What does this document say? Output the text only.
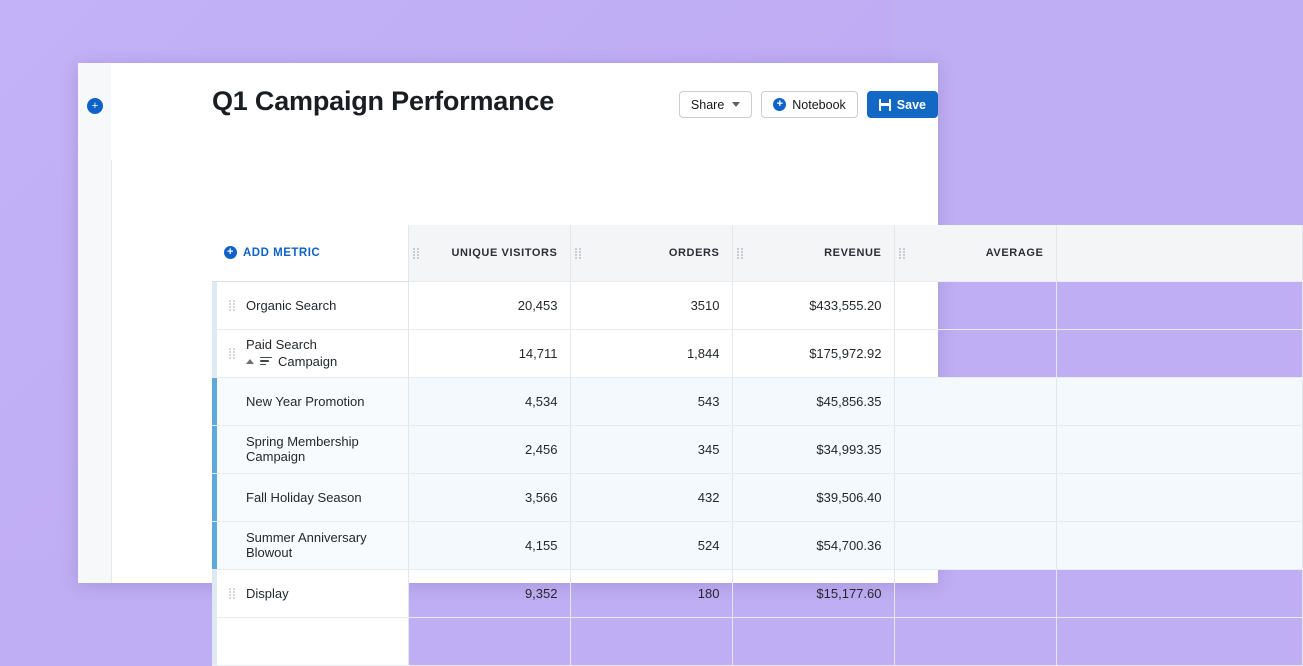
+	Q1 Campaign Performance	Share	+ Notebook	Save
+ ADD METRIC	UNIQUE VISITORS	ORDERS	REVENUE	AVERAGE	

Organic Search	20,453	3510	$433,555.20		

Paid Search
Campaign	14,711	1,844	$175,972.92		
New Year Promotion	4,534	543	$45,856.35		
Spring Membership Campaign	2,456	345	$34,993.35		
Fall Holiday Season	3,566	432	$39,506.40		
Summer Anniversary Blowout	4,155	524	$54,700.36		

Display	9,352	180	$15,177.60		
